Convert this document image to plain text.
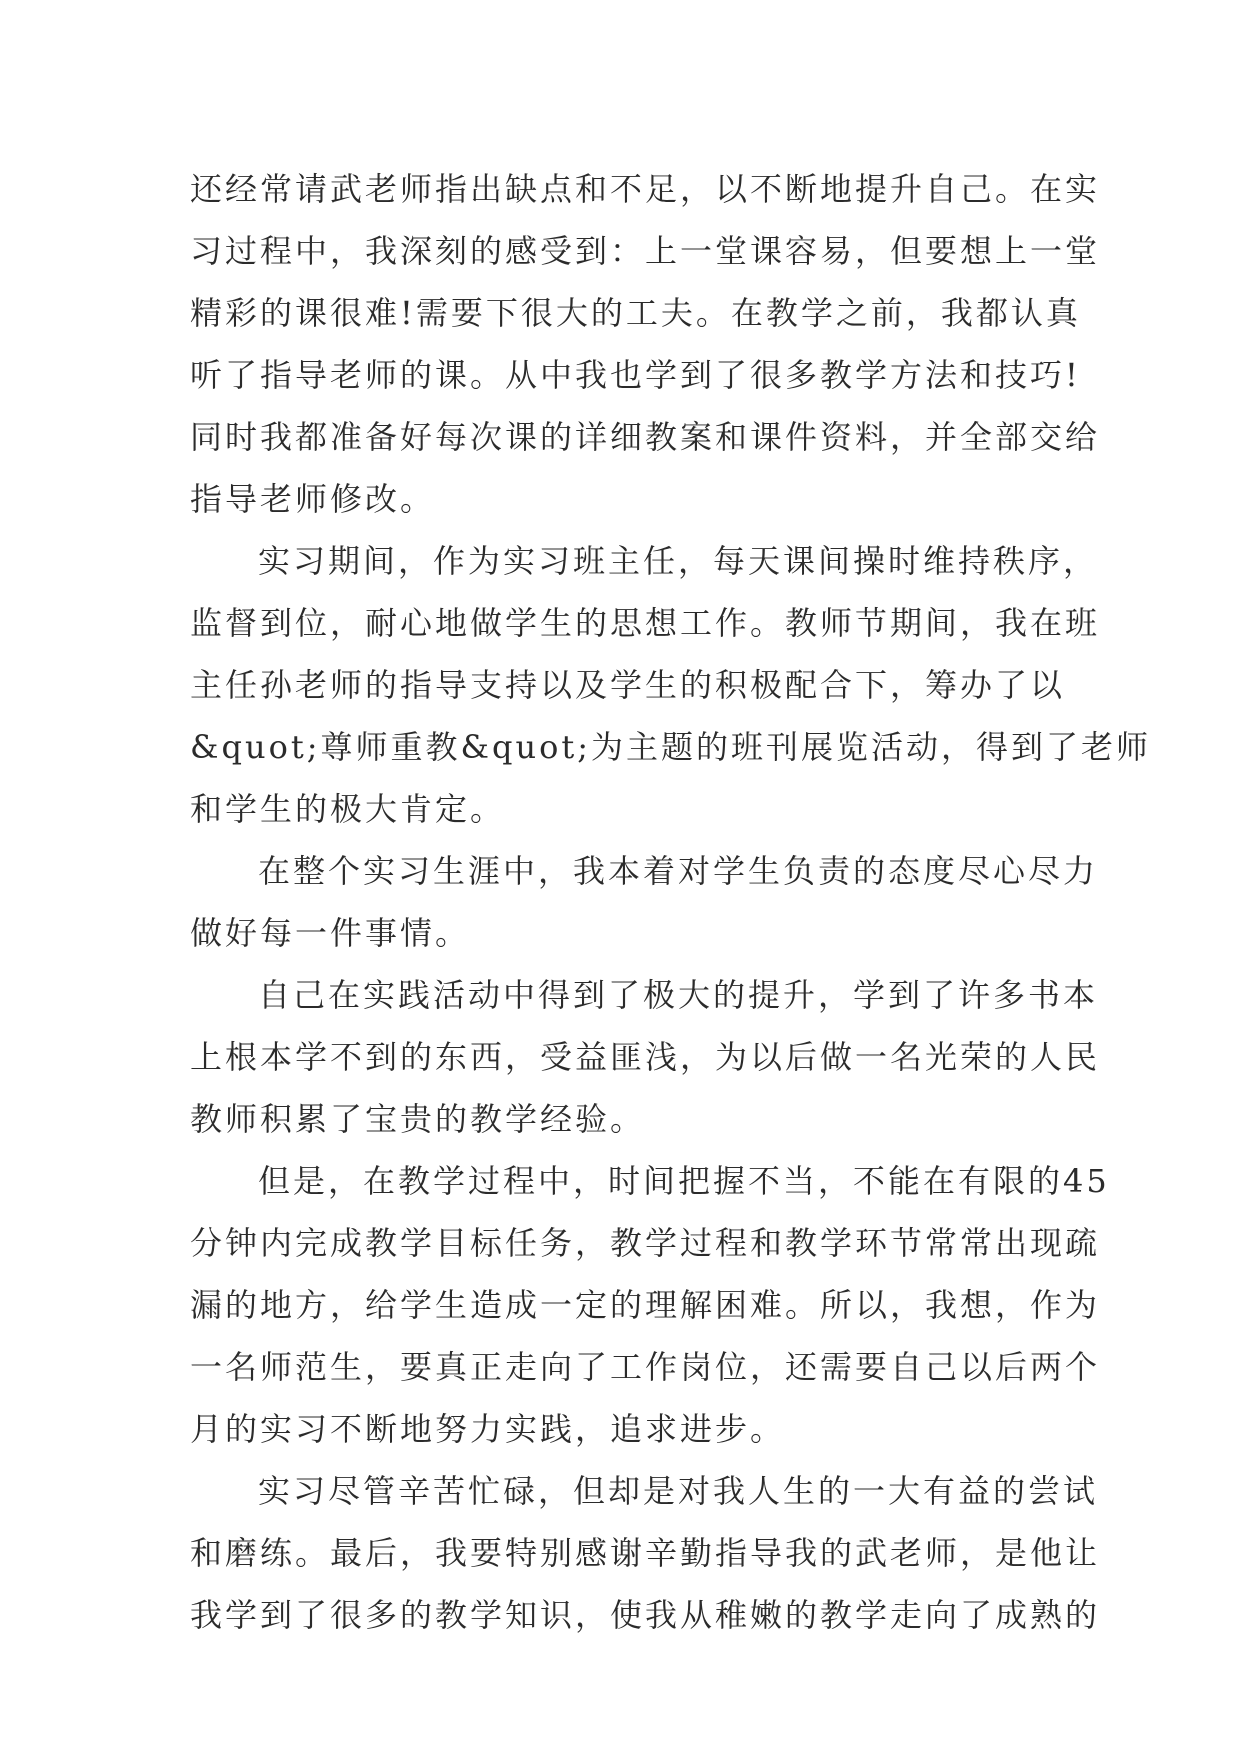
还经常请武老师指出缺点和不足，以不断地提升自己。在实
习过程中，我深刻的感受到：上一堂课容易，但要想上一堂
精彩的课很难!需要下很大的工夫。在教学之前，我都认真
听了指导老师的课。从中我也学到了很多教学方法和技巧!
同时我都准备好每次课的详细教案和课件资料，并全部交给
指导老师修改。
实习期间，作为实习班主任，每天课间操时维持秩序，
监督到位，耐心地做学生的思想工作。教师节期间，我在班
主任孙老师的指导支持以及学生的积极配合下，筹办了以
&quot;尊师重教&quot;为主题的班刊展览活动，得到了老师
和学生的极大肯定。
在整个实习生涯中，我本着对学生负责的态度尽心尽力
做好每一件事情。
自己在实践活动中得到了极大的提升，学到了许多书本
上根本学不到的东西，受益匪浅，为以后做一名光荣的人民
教师积累了宝贵的教学经验。
但是，在教学过程中，时间把握不当，不能在有限的45
分钟内完成教学目标任务，教学过程和教学环节常常出现疏
漏的地方，给学生造成一定的理解困难。所以，我想，作为
一名师范生，要真正走向了工作岗位，还需要自己以后两个
月的实习不断地努力实践，追求进步。
实习尽管辛苦忙碌，但却是对我人生的一大有益的尝试
和磨练。最后，我要特别感谢辛勤指导我的武老师，是他让
我学到了很多的教学知识，使我从稚嫩的教学走向了成熟的
